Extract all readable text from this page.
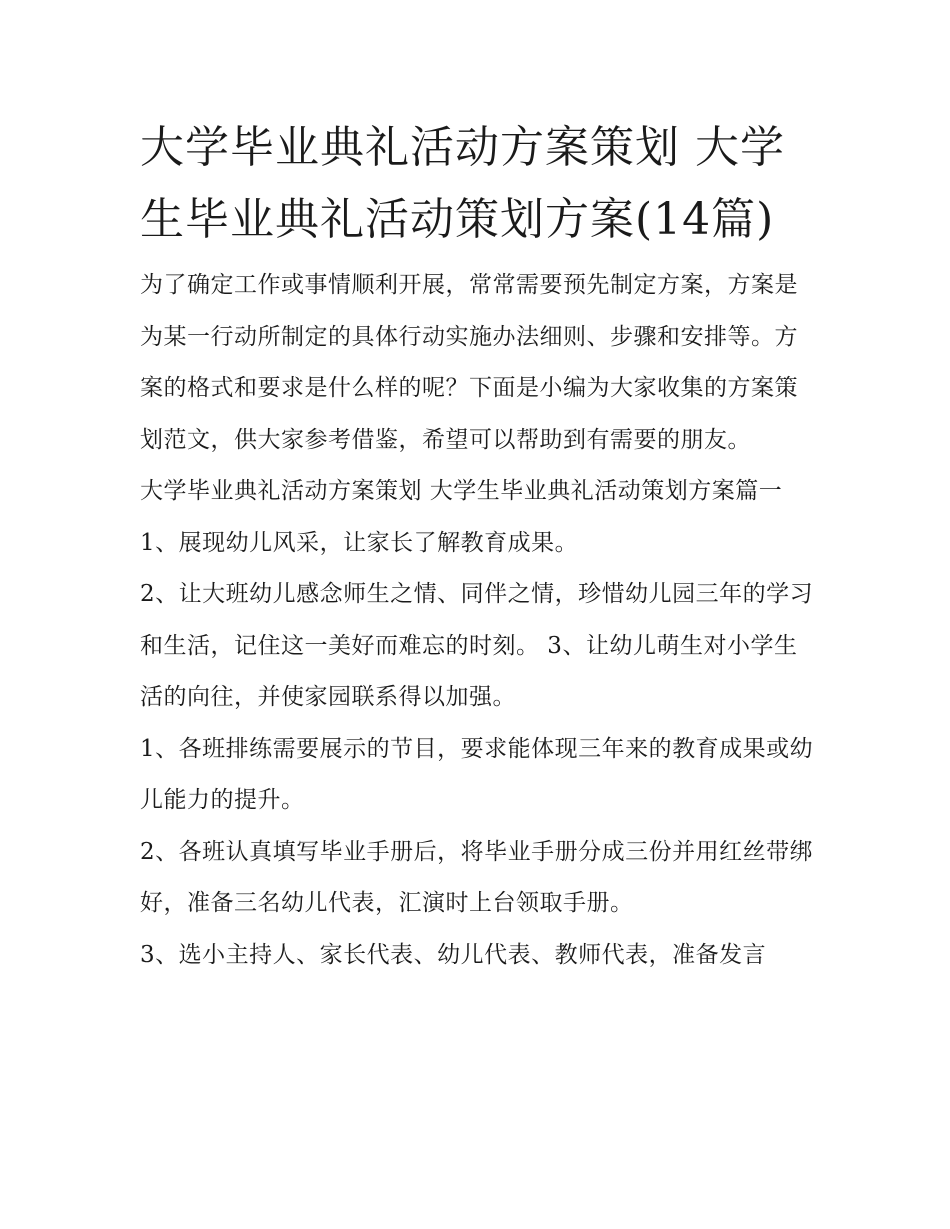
大学毕业典礼活动方案策划 大学生毕业典礼活动策划方案(14篇)

为了确定工作或事情顺利开展，常常需要预先制定方案，方案是为某一行动所制定的具体行动实施办法细则、步骤和安排等。方案的格式和要求是什么样的呢？下面是小编为大家收集的方案策划范文，供大家参考借鉴，希望可以帮助到有需要的朋友。

大学毕业典礼活动方案策划 大学生毕业典礼活动策划方案篇一 1、展现幼儿风采，让家长了解教育成果。

2、让大班幼儿感念师生之情、同伴之情，珍惜幼儿园三年的学习和生活，记住这一美好而难忘的时刻。 3、让幼儿萌生对小学生活的向往，并使家园联系得以加强。

1、各班排练需要展示的节目，要求能体现三年来的教育成果或幼儿能力的提升。

2、各班认真填写毕业手册后，将毕业手册分成三份并用红丝带绑好，准备三名幼儿代表，汇演时上台领取手册。

3、选小主持人、家长代表、幼儿代表、教师代表，准备发言
